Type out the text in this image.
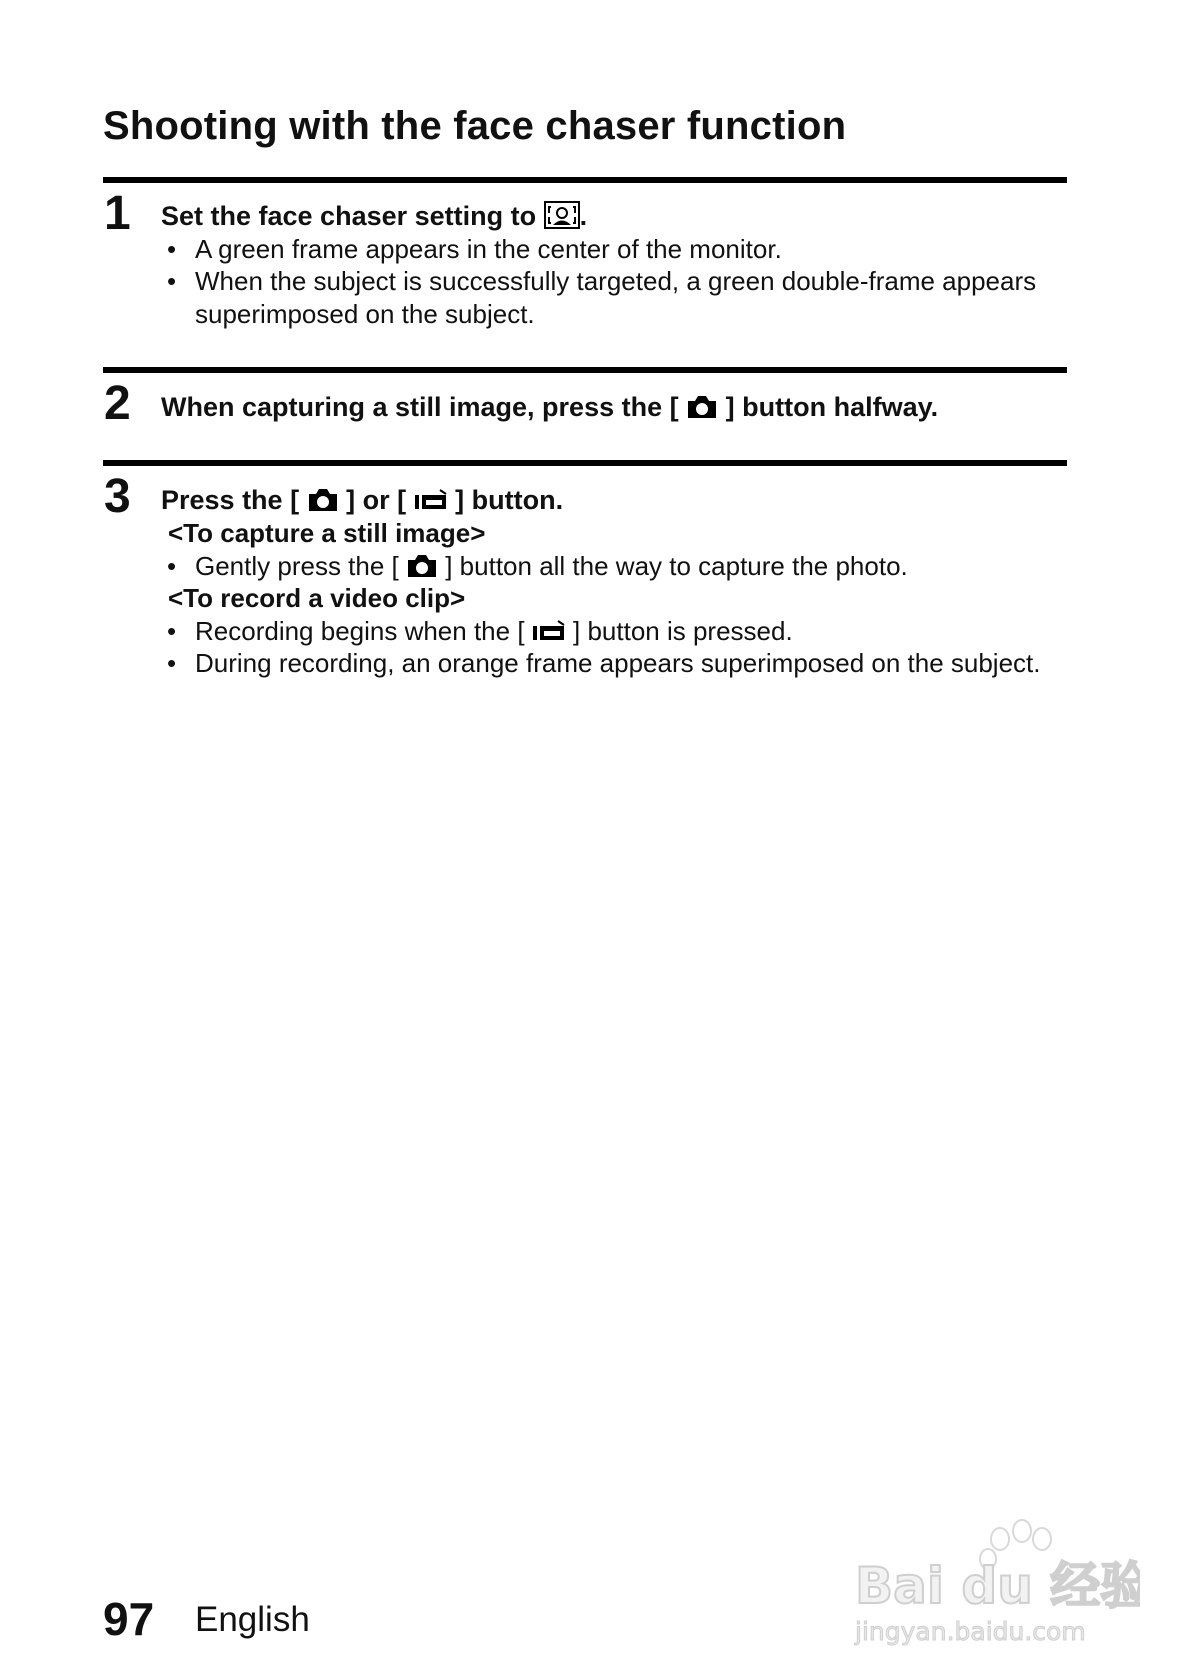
Shooting with the face chaser function
1 Set the face chaser setting to .
• A green frame appears in the center of the monitor.
• When the subject is successfully targeted, a green double-frame appears superimposed on the subject.
2 When capturing a still image, press the [ ] button halfway.
3 Press the [ ] or [ ] button.
<To capture a still image>
• Gently press the [ ] button all the way to capture the photo.
<To record a video clip>
• Recording begins when the [ ] button is pressed.
• During recording, an orange frame appears superimposed on the subject.
97 English
Bai du 经验
jingyan.baidu.com
